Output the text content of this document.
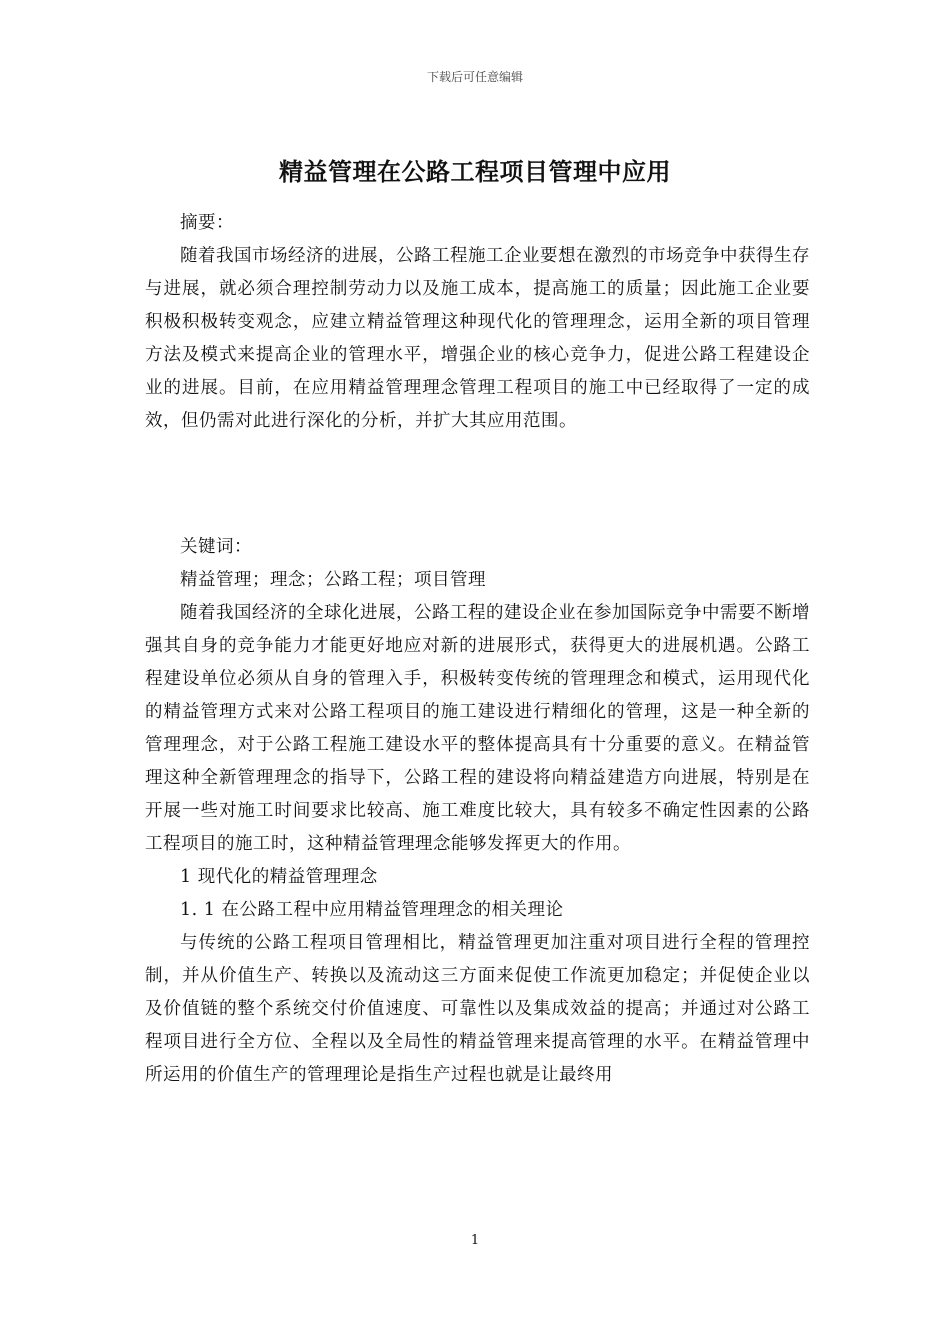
下载后可任意编辑
精益管理在公路工程项目管理中应用

摘要：

随着我国市场经济的进展，公路工程施工企业要想在激烈的市场竞争中获得生存与进展，就必须合理控制劳动力以及施工成本，提高施工的质量；因此施工企业要积极积极转变观念，应建立精益管理这种现代化的管理理念，运用全新的项目管理方法及模式来提高企业的管理水平，增强企业的核心竞争力，促进公路工程建设企业的进展。目前，在应用精益管理理念管理工程项目的施工中已经取得了一定的成效，但仍需对此进行深化的分析，并扩大其应用范围。

关键词：

精益管理；理念；公路工程；项目管理

随着我国经济的全球化进展，公路工程的建设企业在参加国际竞争中需要不断增强其自身的竞争能力才能更好地应对新的进展形式，获得更大的进展机遇。公路工程建设单位必须从自身的管理入手，积极转变传统的管理理念和模式，运用现代化的精益管理方式来对公路工程项目的施工建设进行精细化的管理，这是一种全新的管理理念，对于公路工程施工建设水平的整体提高具有十分重要的意义。在精益管理这种全新管理理念的指导下，公路工程的建设将向精益建造方向进展，特别是在开展一些对施工时间要求比较高、施工难度比较大，具有较多不确定性因素的公路工程项目的施工时，这种精益管理理念能够发挥更大的作用。

1 现代化的精益管理理念

1. 1 在公路工程中应用精益管理理念的相关理论

与传统的公路工程项目管理相比，精益管理更加注重对项目进行全程的管理控制，并从价值生产、转换以及流动这三方面来促使工作流更加稳定；并促使企业以及价值链的整个系统交付价值速度、可靠性以及集成效益的提高；并通过对公路工程项目进行全方位、全程以及全局性的精益管理来提高管理的水平。在精益管理中所运用的价值生产的管理理论是指生产过程也就是让最终用

1
